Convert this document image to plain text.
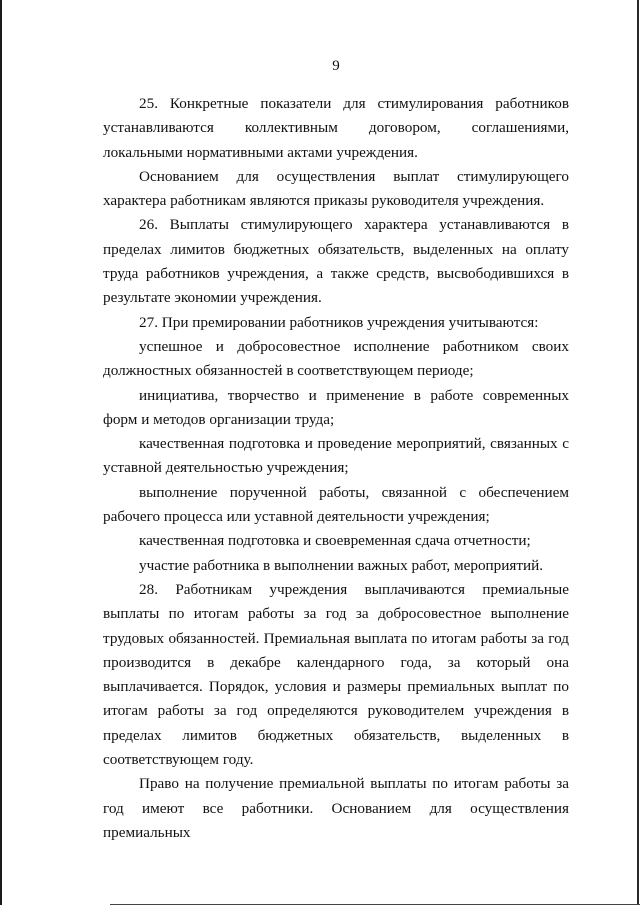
9

25. Конкретные показатели для стимулирования работников устанавливаются коллективным договором, соглашениями, локальными нормативными актами учреждения.

Основанием для осуществления выплат стимулирующего характера работникам являются приказы руководителя учреждения.

26. Выплаты стимулирующего характера устанавливаются в пределах лимитов бюджетных обязательств, выделенных на оплату труда работников учреждения, а также средств, высвободившихся в результате экономии учреждения.

27. При премировании работников учреждения учитываются:

успешное и добросовестное исполнение работником своих должностных обязанностей в соответствующем периоде;

инициатива, творчество и применение в работе современных форм и методов организации труда;

качественная подготовка и проведение мероприятий, связанных с уставной деятельностью учреждения;

выполнение порученной работы, связанной с обеспечением рабочего процесса или уставной деятельности учреждения;

качественная подготовка и своевременная сдача отчетности;

участие работника в выполнении важных работ, мероприятий.

28. Работникам учреждения выплачиваются премиальные выплаты по итогам работы за год за добросовестное выполнение трудовых обязанностей. Премиальная выплата по итогам работы за год производится в декабре календарного года, за который она выплачивается. Порядок, условия и размеры премиальных выплат по итогам работы за год определяются руководителем учреждения в пределах лимитов бюджетных обязательств, выделенных в соответствующем году.

Право на получение премиальной выплаты по итогам работы за год имеют все работники. Основанием для осуществления премиальных
